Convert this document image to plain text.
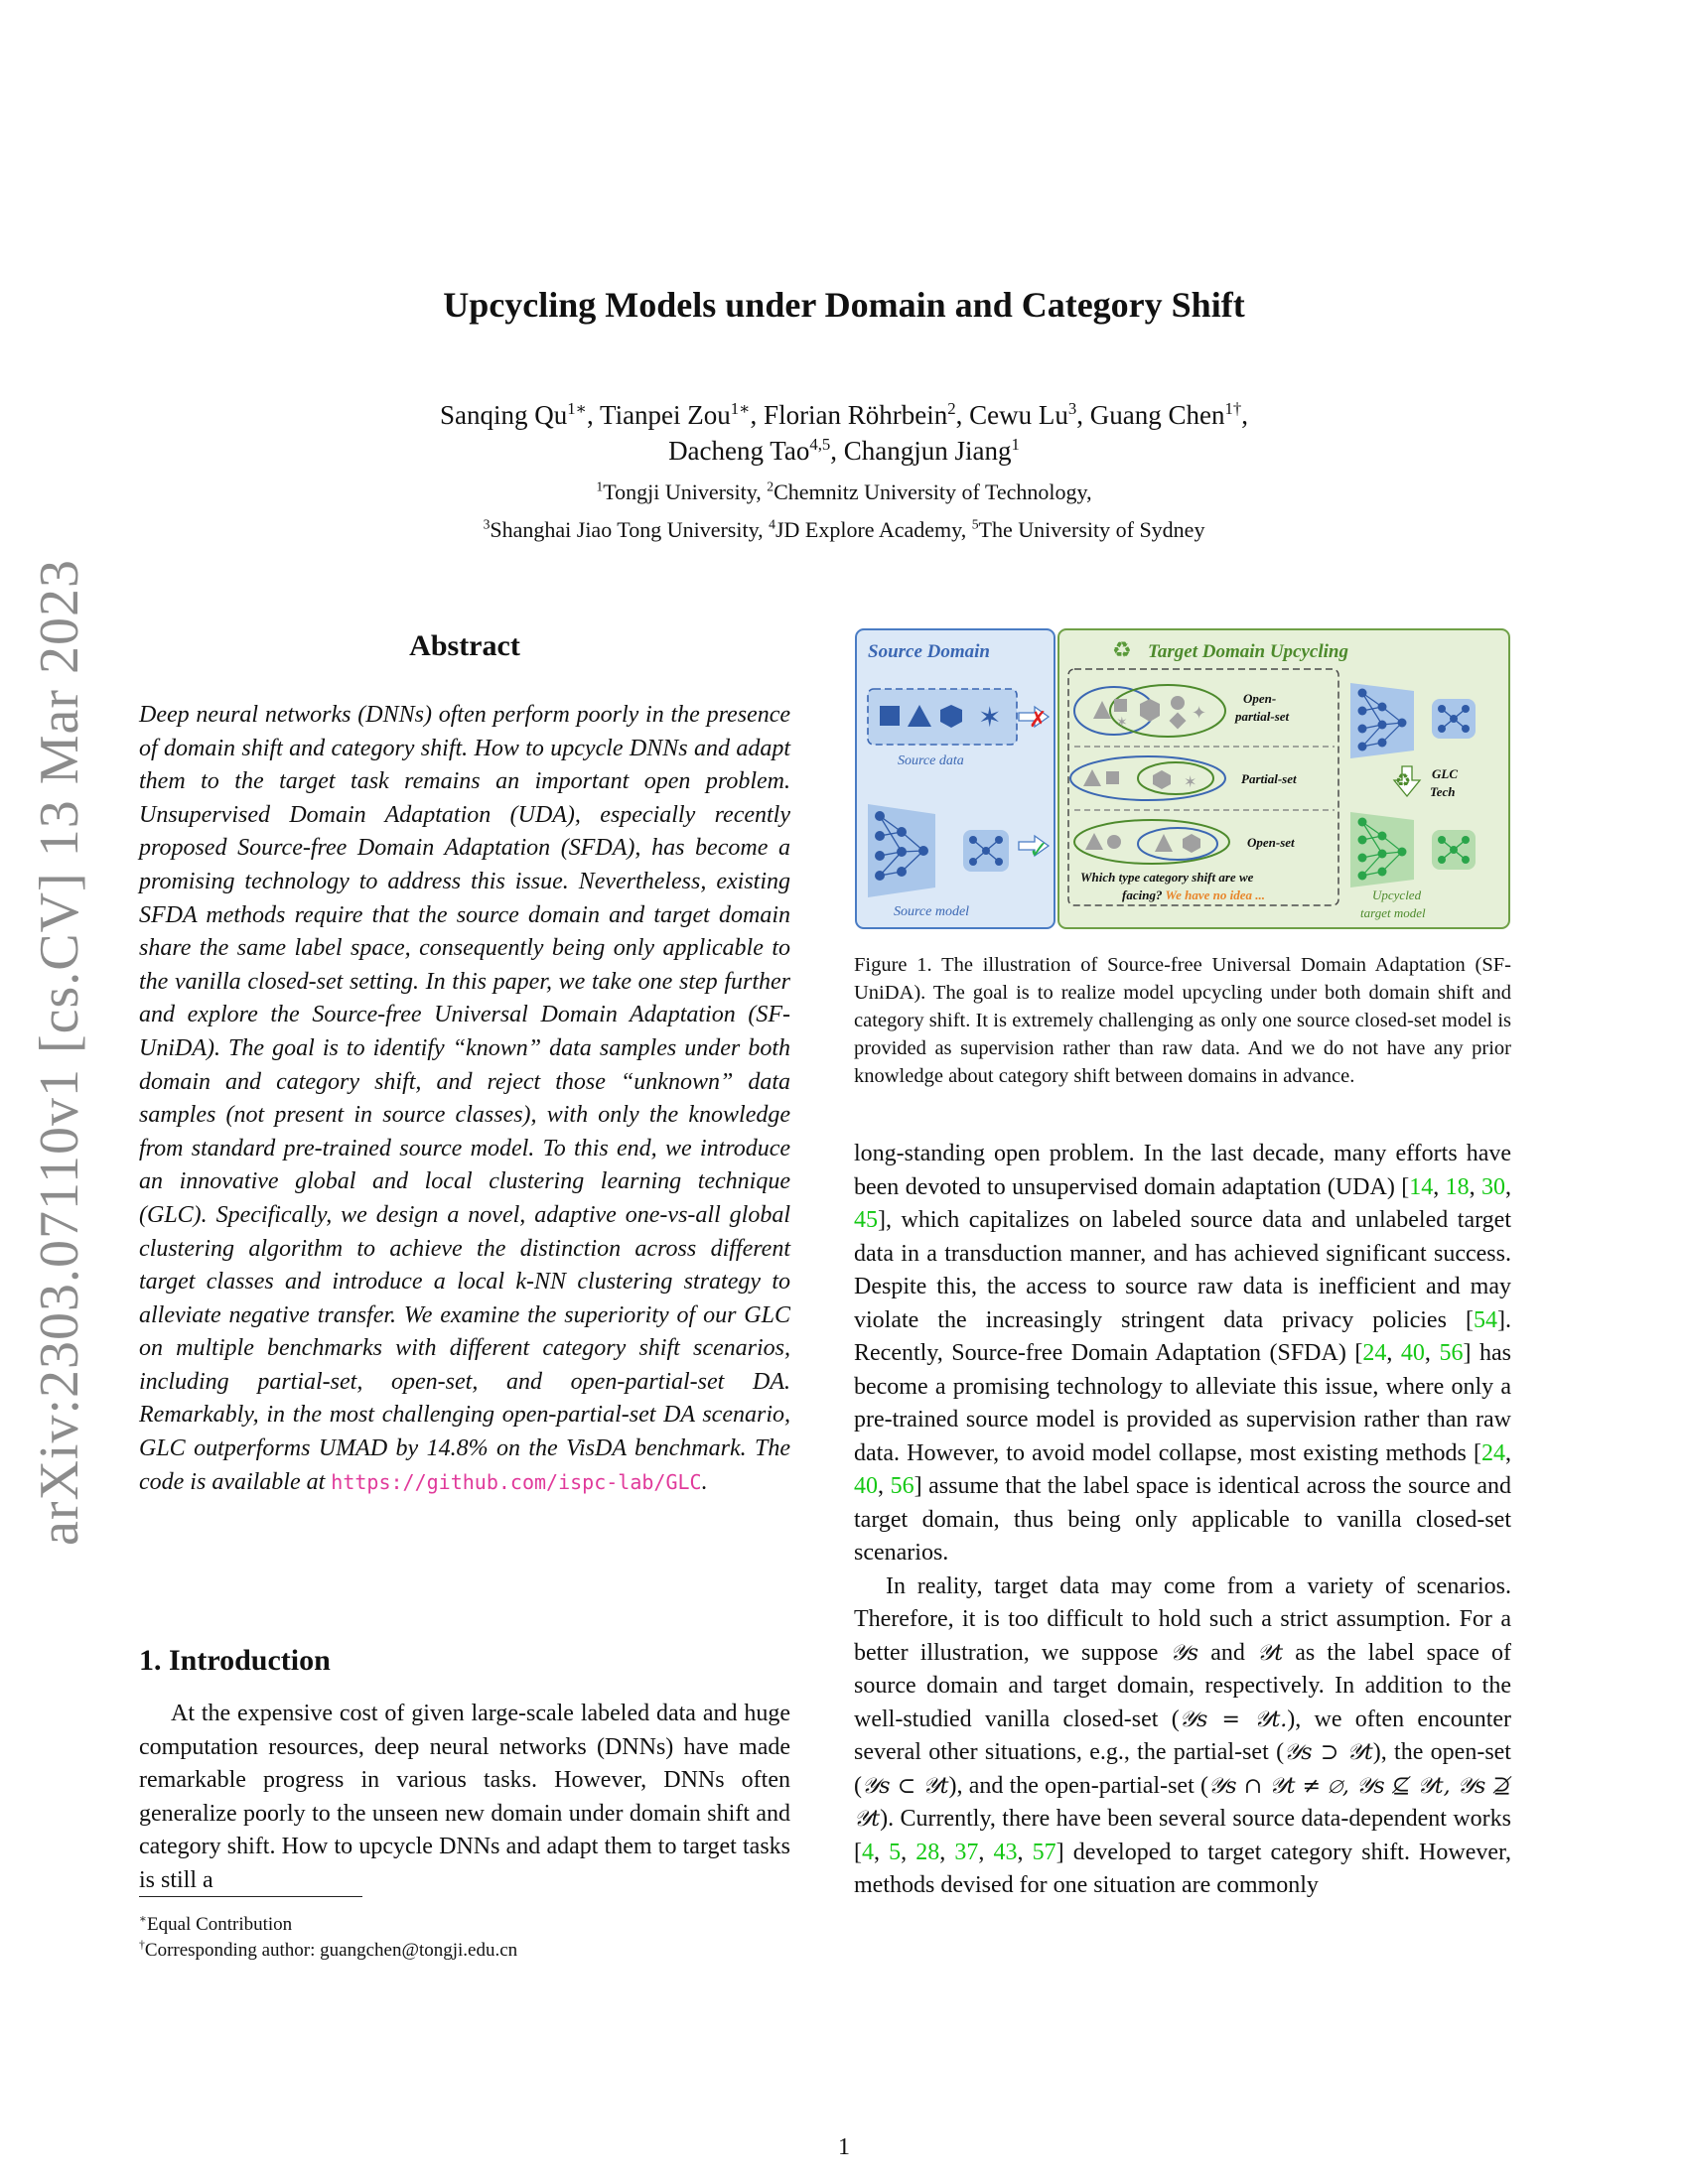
arXiv:2303.07110v1 [cs.CV] 13 Mar 2023
Upcycling Models under Domain and Category Shift
Sanqing $Qu^{1∗}$, Tianpei Zou$^{1∗}$, Florian Röhrbein$^2$, Cewu Lu$^3$, Guang Chen$^{1\dagger}$,
Dacheng Tao$^{4,5}$, Changjun Jiang$^1$
$^1$Tongji University, $^2$Chemnitz University of Technology,
$^3$Shanghai Jiao Tong University, $^4$JD Explore Academy, $^5$The University of Sydney
Abstract
Deep neural networks (DNNs) often perform poorly in the presence of domain shift and category shift. How to upcycle DNNs and adapt them to the target task remains an important open problem. Unsupervised Domain Adaptation (UDA), especially recently proposed Source-free Domain Adaptation (SFDA), has become a promising technology to address this issue. Nevertheless, existing SFDA methods require that the source domain and target domain share the same label space, consequently being only applicable to the vanilla closed-set setting. In this paper, we take one step further and explore the Source-free Universal Domain Adaptation (SF-UniDA). The goal is to identify “known” data samples under both domain and category shift, and reject those “unknown” data samples (not present in source classes), with only the knowledge from standard pre-trained source model. To this end, we introduce an innovative global and local clustering learning technique (GLC). Specifically, we design a novel, adaptive one-vs-all global clustering algorithm to achieve the distinction across different target classes and introduce a local k-NN clustering strategy to alleviate negative transfer. We examine the superiority of our GLC on multiple benchmarks with different category shift scenarios, including partial-set, open-set, and open-partial-set DA. Remarkably, in the most challenging open-partial-set DA scenario, GLC outperforms UMAD by 14.8% on the VisDA benchmark. The code is available at https://github.com/ispc-lab/GLC.
1. Introduction

At the expensive cost of given large-scale labeled data and huge computation resources, deep neural networks (DNNs) have made remarkable progress in various tasks. However, DNNs often generalize poorly to the unseen new domain under domain shift and category shift. How to upcycle DNNs and adapt them to target tasks is still a

∗Equal Contribution
†Corresponding author: guangchen@tongji.edu.cn
Source Domain
✶
Source data
Source model
✗
✓
♻ Target Domain Upcycling
✶	✦
Open-
partial-set
✶	Partial-set
Open-set
Which type category shift are we
facing? We have no idea ...
♻ GLC
Tech
Upcycled
target model
Figure 1. The illustration of Source-free Universal Domain Adaptation (SF-UniDA). The goal is to realize model upcycling under both domain shift and category shift. It is extremely challenging as only one source closed-set model is provided as supervision rather than raw data. And we do not have any prior knowledge about category shift between domains in advance.

long-standing open problem. In the last decade, many efforts have been devoted to unsupervised domain adaptation (UDA) [14, 18, 30, 45], which capitalizes on labeled source data and unlabeled target data in a transduction manner, and has achieved significant success. Despite this, the access to source raw data is inefficient and may violate the increasingly stringent data privacy policies [54]. Recently, Source-free Domain Adaptation (SFDA) [24, 40, 56] has become a promising technology to alleviate this issue, where only a pre-trained source model is provided as supervision rather than raw data. However, to avoid model collapse, most existing methods [24, 40, 56] assume that the label space is identical across the source and target domain, thus being only applicable to vanilla closed-set scenarios.

In reality, target data may come from a variety of scenarios. Therefore, it is too difficult to hold such a strict assumption. For a better illustration, we suppose 𝒴s and 𝒴t as the label space of source domain and target domain, respectively. In addition to the well-studied vanilla closed-set (𝒴s = 𝒴t.), we often encounter several other situations, e.g., the partial-set (𝒴s ⊃ 𝒴t), the open-set (𝒴s ⊂ 𝒴t), and the open-partial-set (𝒴s ∩ 𝒴t ≠ ∅, 𝒴s ⊈ 𝒴t, 𝒴s ⊉ 𝒴t). Currently, there have been several source data-dependent works [4, 5, 28, 37, 43, 57] developed to target category shift. However, methods devised for one situation are commonly

1
